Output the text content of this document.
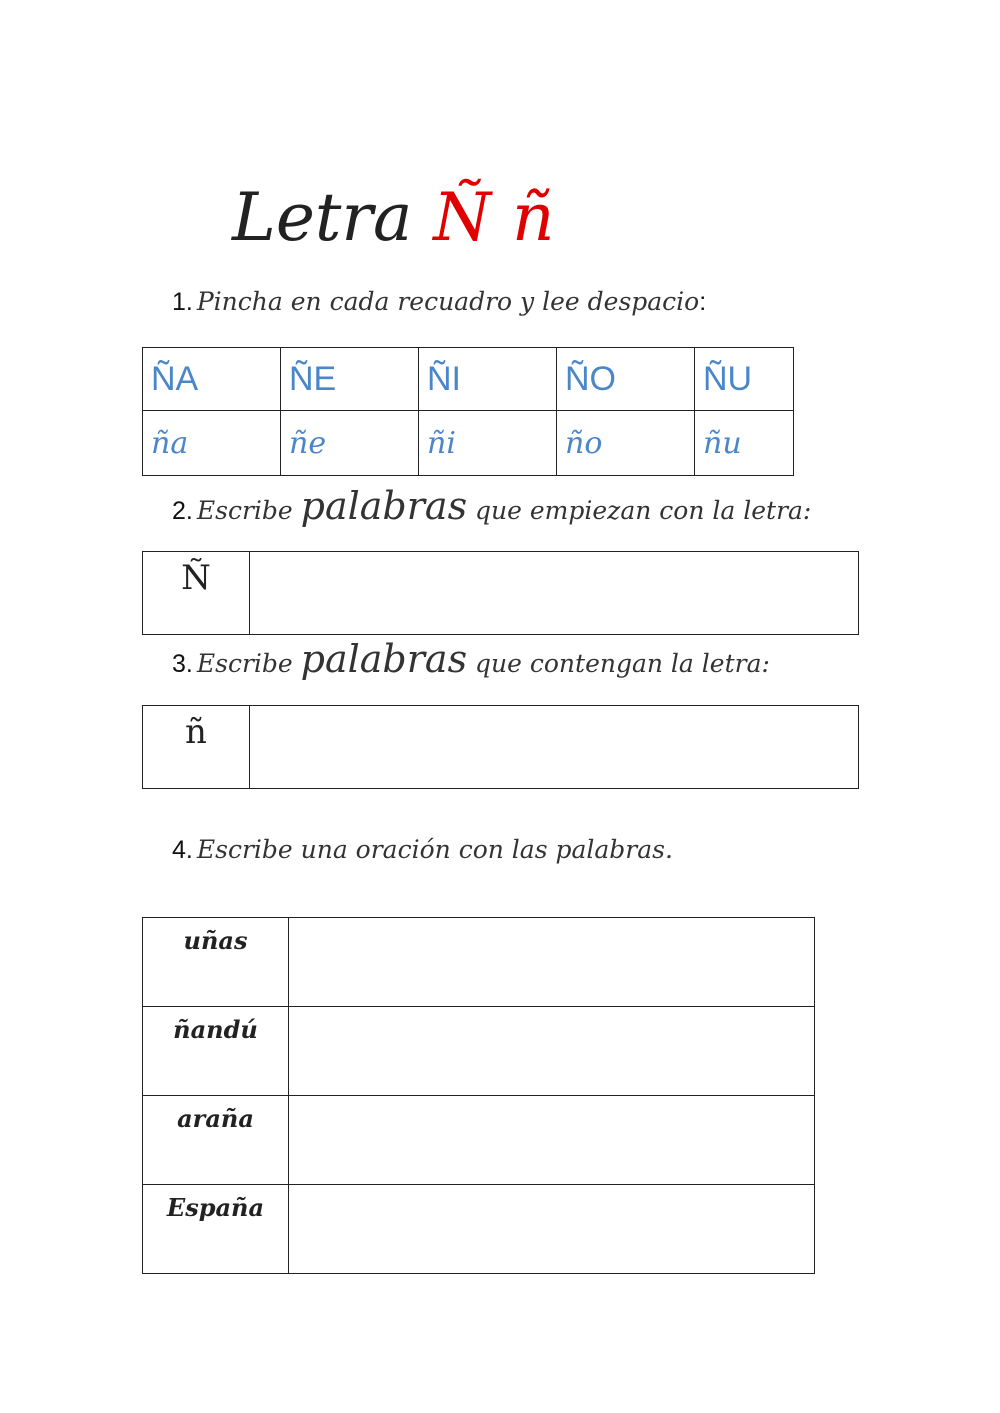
Letra Ñ ñ
1. Pincha en cada recuadro y lee despacio:
ÑA	ÑE	ÑI	ÑO	ÑU
ña	ñe	ñi	ño	ñu
2. Escribe palabras que empiezan con la letra:
Ñ	
3. Escribe palabras que contengan la letra:
ñ	
4. Escribe una oración con las palabras.
uñas	
ñandú	
araña	
España	
